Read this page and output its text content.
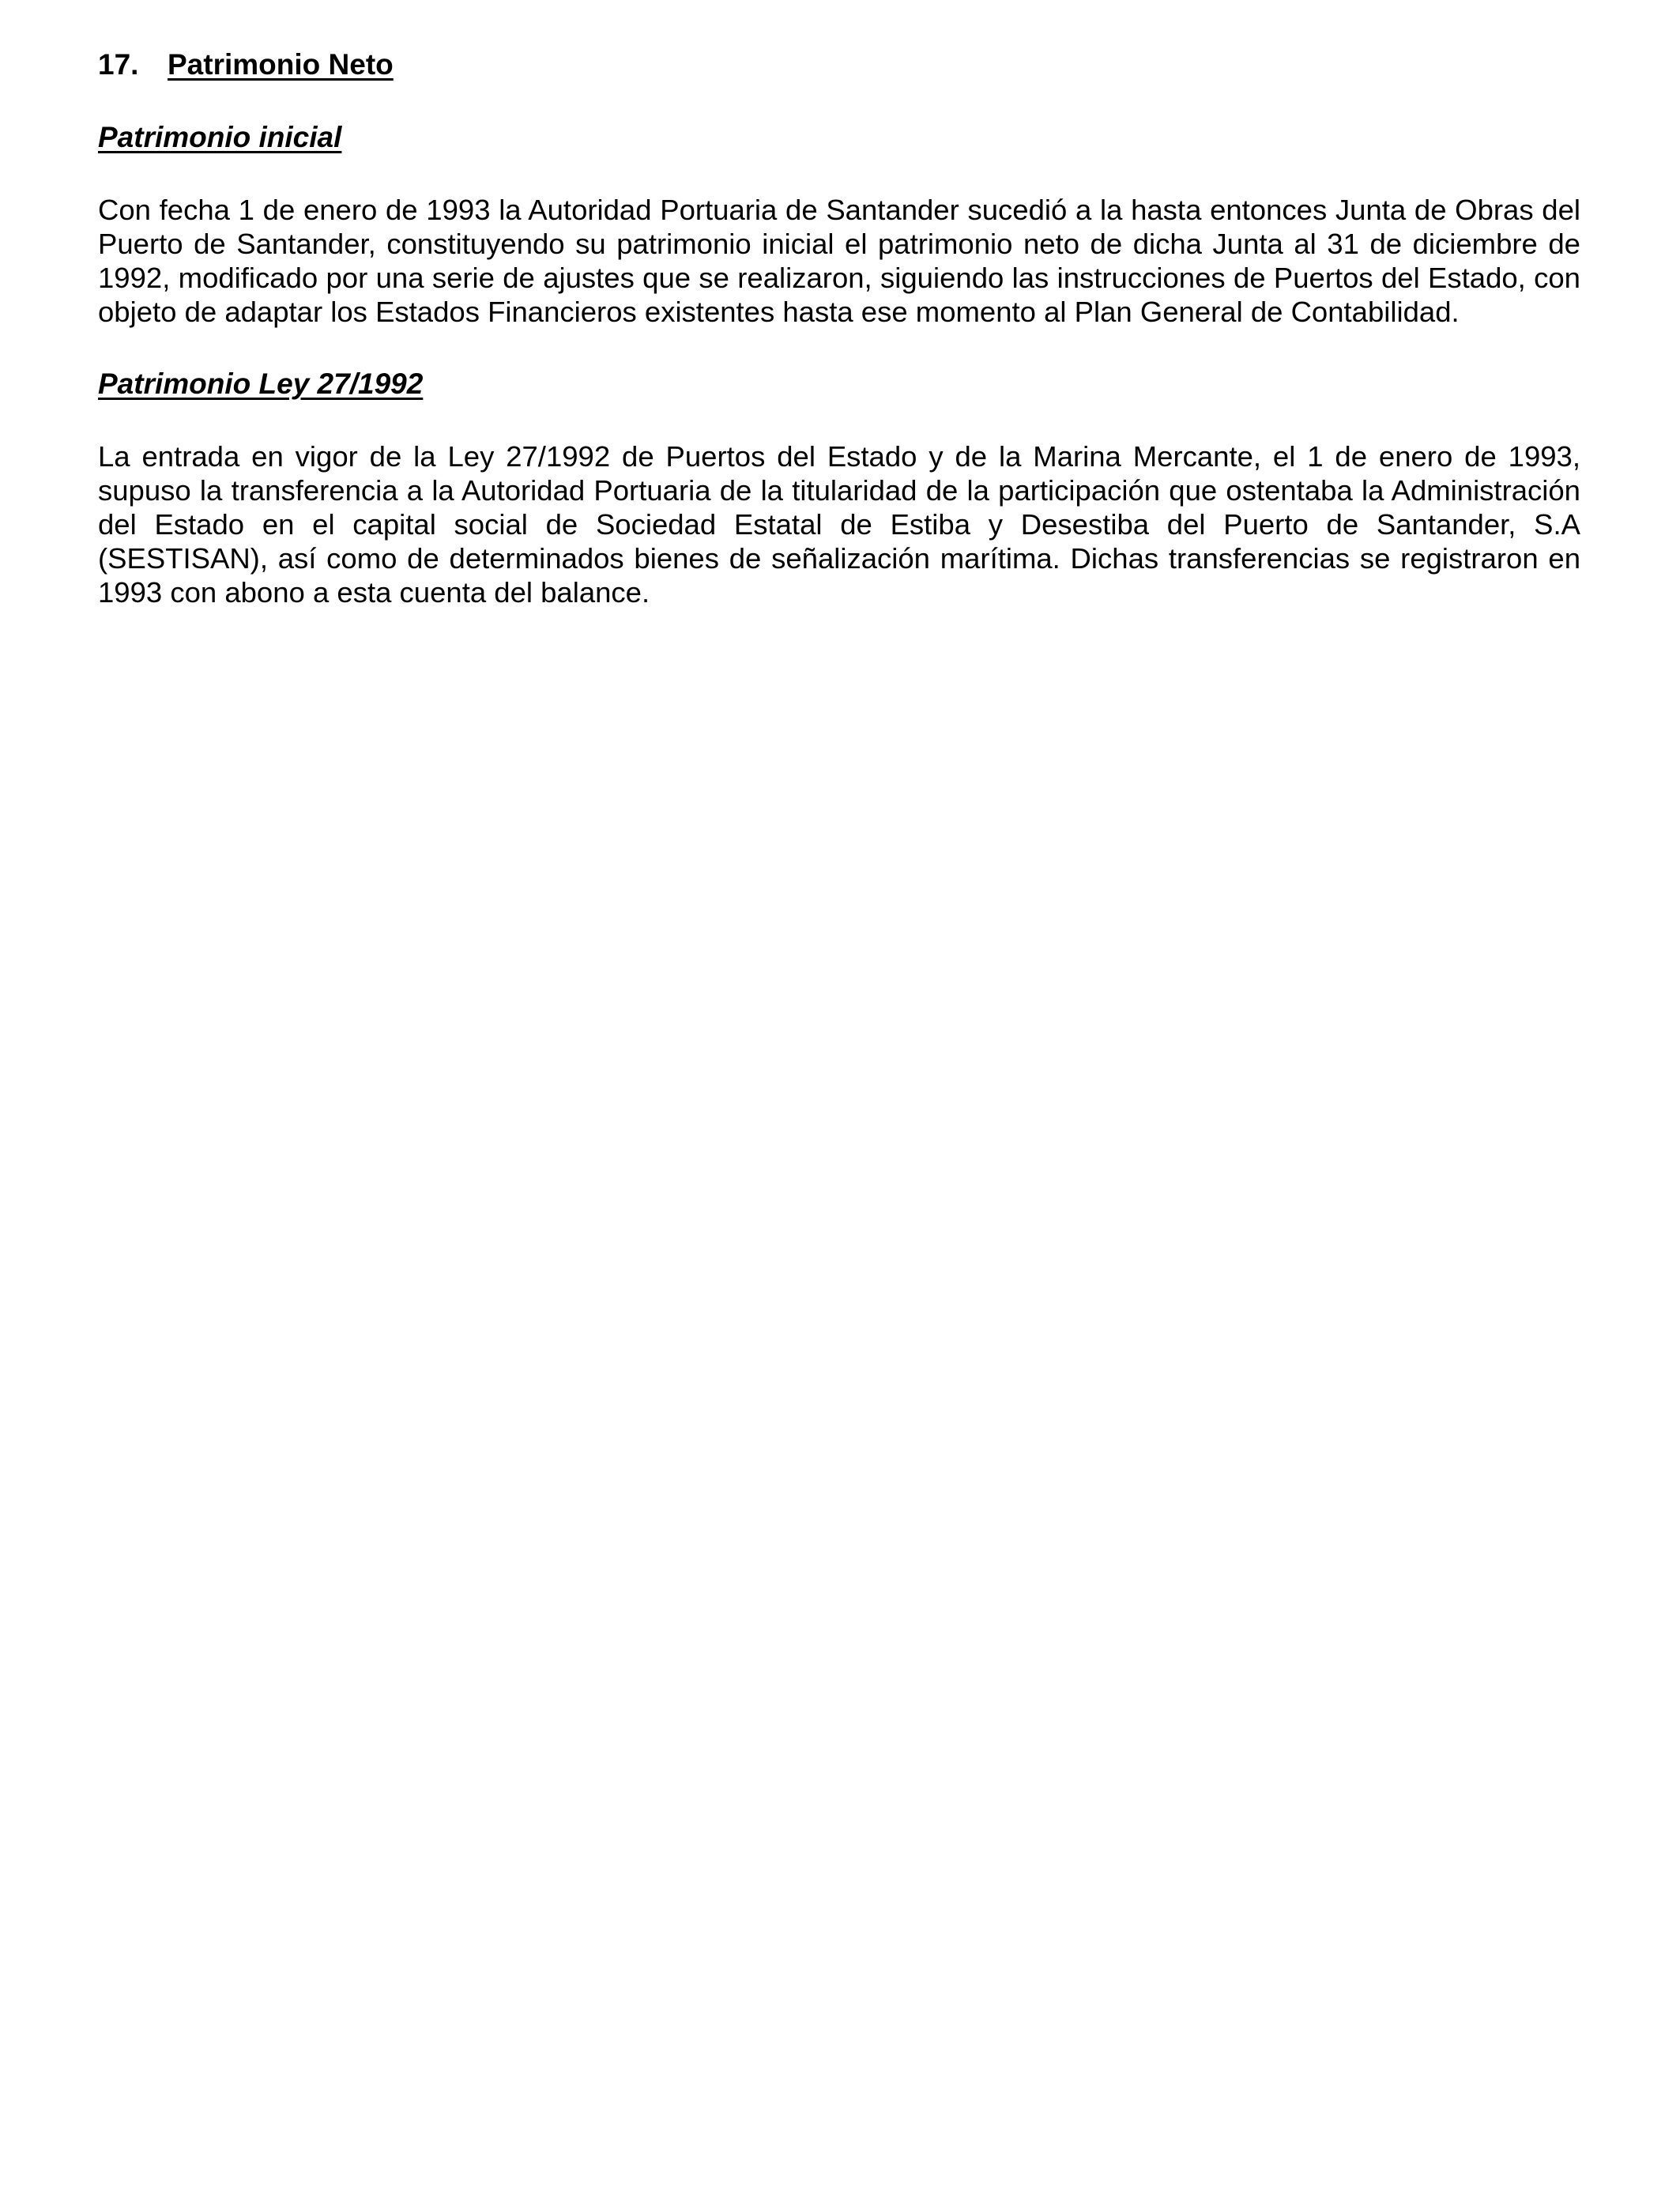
17. Patrimonio Neto
Patrimonio inicial

Con fecha 1 de enero de 1993 la Autoridad Portuaria de Santander sucedió a la hasta entonces Junta de Obras del Puerto de Santander, constituyendo su patrimonio inicial el patrimonio neto de dicha Junta al 31 de diciembre de 1992, modificado por una serie de ajustes que se realizaron, siguiendo las instrucciones de Puertos del Estado, con objeto de adaptar los Estados Financieros existentes hasta ese momento al Plan General de Contabilidad.

Patrimonio Ley 27/1992

La entrada en vigor de la Ley 27/1992 de Puertos del Estado y de la Marina Mercante, el 1 de enero de 1993, supuso la transferencia a la Autoridad Portuaria de la titularidad de la participación que ostentaba la Administración del Estado en el capital social de Sociedad Estatal de Estiba y Desestiba del Puerto de Santander, S.A (SESTISAN), así como de determinados bienes de señalización marítima. Dichas transferencias se registraron en 1993 con abono a esta cuenta del balance.
